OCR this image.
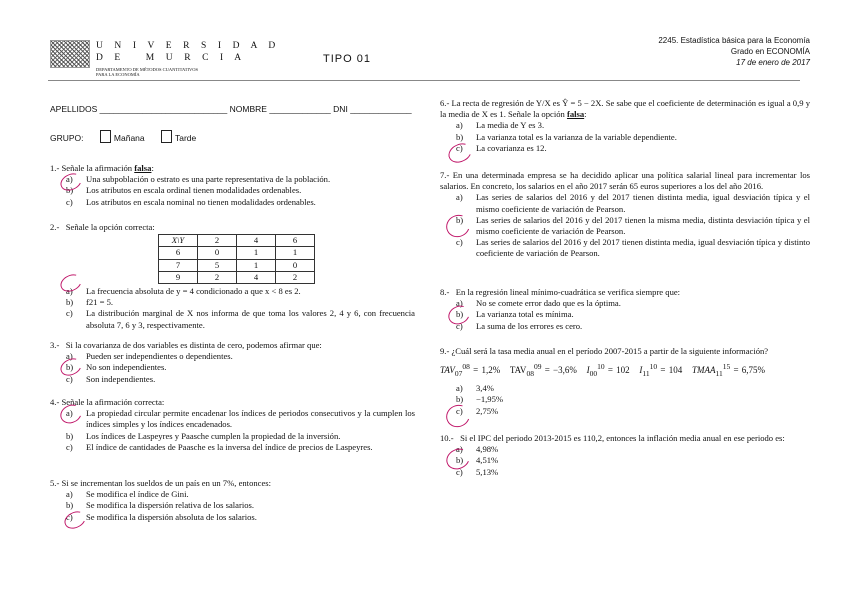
U N I V E R S I D A D
D E   M U R C I A
DEPARTAMENTO DE MÉTODOS CUANTITATIVOS
PARA LA ECONOMÍA
TIPO 01
2245. Estadística básica para la Economía
Grado en ECONOMÍA
17 de enero de 2017
APELLIDOS ___________________________ NOMBRE _____________ DNI _____________
GRUPO:	Mañana	Tarde
1.- Señale la afirmación falsa:
a)	Una subpoblación o estrato es una parte representativa de la población.
b)	Los atributos en escala ordinal tienen modalidades ordenables.
c)	Los atributos en escala nominal no tienen modalidades ordenables.
2.- Señale la opción correcta:
X\Y	2	4	6
6	0	1	1
7	5	1	0
9	2	4	2
a)	La frecuencia absoluta de y = 4 condicionado a que x < 8 es 2.
b)	f21 = 5.
c)	La distribución marginal de X nos informa de que toma los valores 2, 4 y 6, con frecuencia absoluta 7, 6 y 3, respectivamente.
3.- Si la covarianza de dos variables es distinta de cero, podemos afirmar que:
a)	Pueden ser independientes o dependientes.
b)	No son independientes.
c)	Son independientes.
4.- Señale la afirmación correcta:
a)	La propiedad circular permite encadenar los índices de periodos consecutivos y la cumplen los índices simples y los índices encadenados.
b)	Los índices de Laspeyres y Paasche cumplen la propiedad de la inversión.
c)	El índice de cantidades de Paasche es la inversa del índice de precios de Laspeyres.
5.- Si se incrementan los sueldos de un país en un 7%, entonces:
a)	Se modifica el índice de Gini.
b)	Se modifica la dispersión relativa de los salarios.
c)	Se modifica la dispersión absoluta de los salarios.
6.- La recta de regresión de Y/X es Ŷ = 5 − 2X. Se sabe que el coeficiente de determinación es igual a 0,9 y la media de X es 1. Señale la opción falsa:
a)	La media de Y es 3.
b)	La varianza total es la varianza de la variable dependiente.
c)	La covarianza es 12.
7.- En una determinada empresa se ha decidido aplicar una política salarial lineal para incrementar los salarios. En concreto, los salarios en el año 2017 serán 65 euros superiores a los del año 2016.
a)	Las series de salarios del 2016 y del 2017 tienen distinta media, igual desviación típica y el mismo coeficiente de variación de Pearson.
b)	Las series de salarios del 2016 y del 2017 tienen la misma media, distinta desviación típica y el mismo coeficiente de variación de Pearson.
c)	Las series de salarios del 2016 y del 2017 tienen distinta media, igual desviación típica y distinto coeficiente de variación de Pearson.
8.- En la regresión lineal mínimo-cuadrática se verifica siempre que:
a)	No se comete error dado que es la óptima.
b)	La varianza total es mínima.
c)	La suma de los errores es cero.
9.- ¿Cuál será la tasa media anual en el período 2007-2015 a partir de la siguiente información?
$TAV_{07}^{08} = 1,2\%$ $TAV_{08}^{09} = -3,6\%$ $I_{00}^{10} = 102$ $I_{11}^{10} = 104$ $TMAA_{11}^{15} = 6,75\%$
a)	3,4%
b)	−1,95%
c)	2,75%
10.- Si el IPC del periodo 2013-2015 es 110,2, entonces la inflación media anual en ese periodo es:
a)	4,98%
b)	4,51%
c)	5,13%
